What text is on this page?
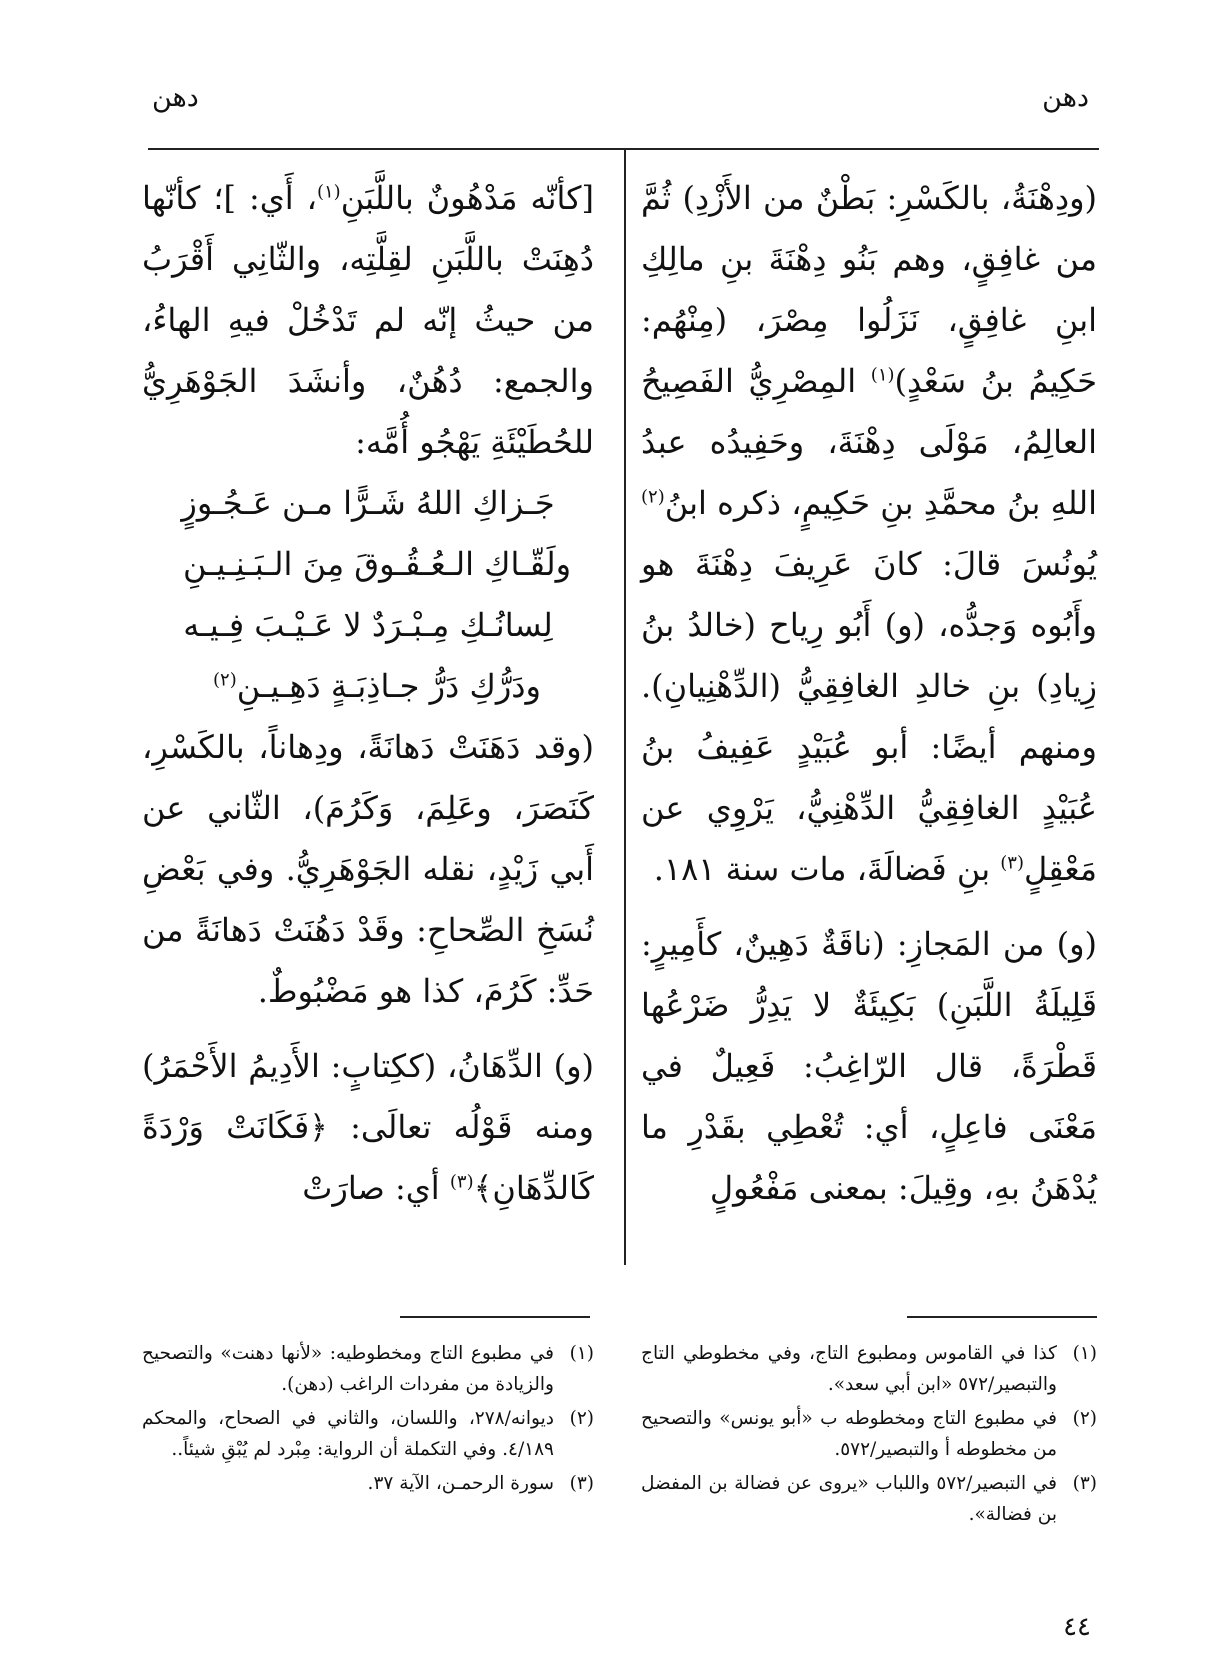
دهن
دهن

(ودِهْنَةُ، بالكَسْرِ: بَطْنٌ من الأَزْدِ) ثُمَّ من غافِقٍ، وهم بَنُو دِهْنَةَ بنِ مالِكِ ابنِ غافِقٍ، نَزَلُوا مِصْرَ، (مِنْهُم: حَكِيمُ بنُ سَعْدٍ)$^{(١)}$ المِصْرِيُّ الفَصِيحُ العالِمُ، مَوْلَى دِهْنَةَ، وحَفِيدُه عبدُ اللهِ بنُ محمَّدِ بنِ حَكِيمٍ، ذكره ابنُ$^{(٢)}$ يُونُسَ قالَ: كانَ عَرِيفَ دِهْنَةَ هو وأَبُوه وَجدُّه، (و) أَبُو رِياح (خالدُ بنُ زِيادِ) بنِ خالدِ الغافِقِيُّ (الدِّهْنِيانِ). ومنهم أيضًا: أبو عُبَيْدٍ عَفِيفُ بنُ عُبَيْدٍ الغافِقِيُّ الدِّهْنِيُّ، يَرْوِي عن مَعْقِلٍ$^{(٣)}$ بنِ فَضالَةَ، مات سنة ١٨١.

(و) من المَجازِ: (ناقَةٌ دَهِينٌ، كأَمِيرٍ: قَلِيلَةُ اللَّبَنِ) بَكِيئَةٌ لا يَدِرُّ ضَرْعُها قَطْرَةً، قال الرّاغِبُ: فَعِيلٌ في مَعْنَى فاعِلٍ، أي: تُعْطِي بقَدْرِ ما يُدْهَنُ بهِ، وقِيلَ: بمعنى مَفْعُولٍ

[كأنّه مَدْهُونٌ باللَّبَنِ$^{(١)}$، أَي: ]؛ كأنّها دُهِنَتْ باللَّبَنِ لقِلَّتِه، والثّانِي أَقْرَبُ من حيثُ إنّه لم تَدْخُلْ فيهِ الهاءُ، والجمع: دُهُنٌ، وأنشَدَ الجَوْهَرِيُّ للحُطَيْئَةِ يَهْجُو أُمَّه:

جَـزاكِ اللهُ شَـرًّا مـن عَـجُـوزٍ
ولَقّـاكِ الـعُـقُـوقَ مِنَ الـبَـنِـيـنِ
لِسانُـكِ مِـبْـرَدٌ لا عَـيْـبَ فِـيـه
ودَرُّكِ دَرُّ جـاذِبَـةٍ دَهِـيـنِ$^{(٢)}$

(وقد دَهَنَتْ دَهانَةً، ودِهاناً، بالكَسْرِ، كَنَصَرَ، وعَلِمَ، وَكَرُمَ)، الثّاني عن أَبي زَيْدٍ، نقله الجَوْهَرِيُّ. وفي بَعْضِ نُسَخِ الصِّحاحِ: وقَدْ دَهُنَتْ دَهانَةً من حَدِّ: كَرُمَ، كذا هو مَضْبُوطٌ.

(و) الدِّهَانُ، (ككِتابٍ: الأَدِيمُ الأَحْمَرُ) ومنه قَوْلُه تعالَى: ﴿فَكَانَتْ وَرْدَةً كَالدِّهَانِ﴾$^{(٣)}$ أي: صارَتْ

(١)
كذا في القاموس ومطبوع التاج، وفي مخطوطي التاج والتبصير/٥٧٢ «ابن أبي سعد».
(٢)
في مطبوع التاج ومخطوطه ب «أبو يونس» والتصحيح من مخطوطه أ والتبصير/٥٧٢.
(٣)
في التبصير/٥٧٢ واللباب «يروى عن فضالة بن المفضل بن فضالة».
(١)
في مطبوع التاج ومخطوطيه: «لأنها دهنت» والتصحيح والزيادة من مفردات الراغب (دهن).
(٢)
ديوانه/٢٧٨، واللسان، والثاني في الصحاح، والمحكم ٤/١٨٩. وفي التكملة أن الرواية: مِبْرد لم يُبْقِ شيئاً..
(٣)
سورة الرحمـن، الآية ٣٧.
٤٤
